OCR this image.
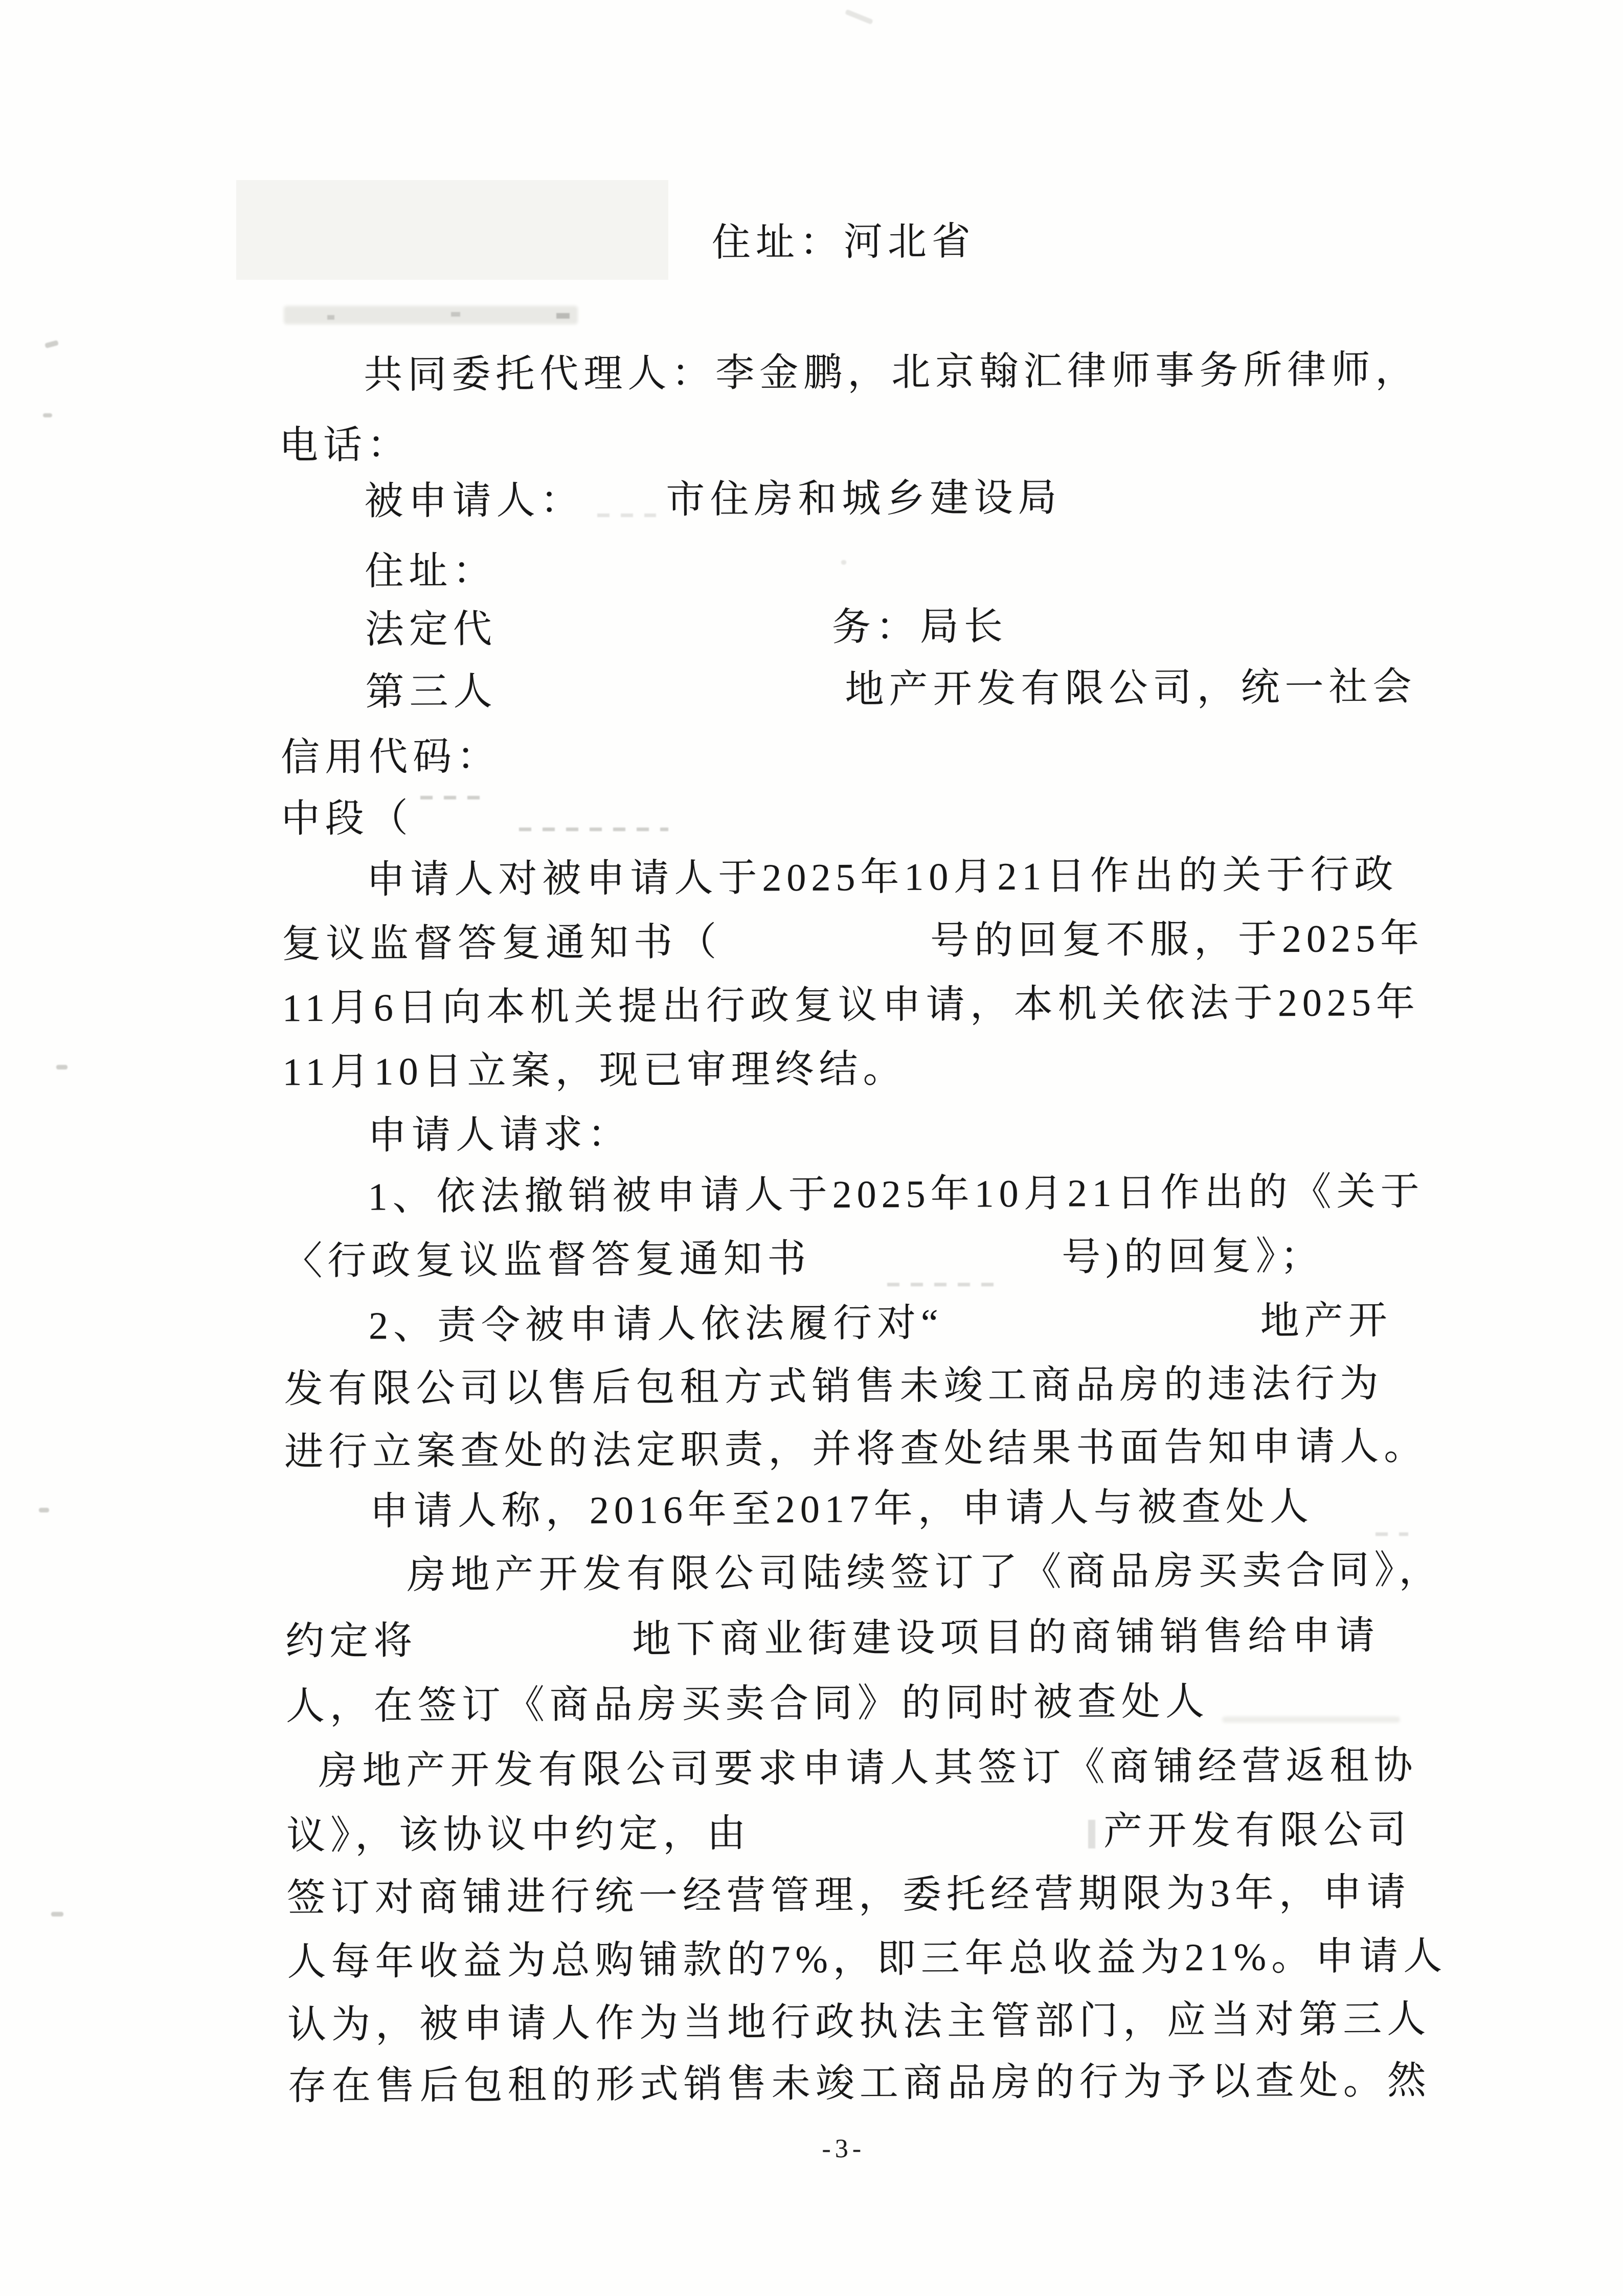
住址：河北省
共同委托代理人：李金鹏，北京翰汇律师事务所律师，
电话：
被申请人： 市住房和城乡建设局
住址：
法定代	务：局长
第三人	地产开发有限公司，统一社会
信用代码：
中段（
申请人对被申请人于2025年10月21日作出的关于行政
复议监督答复通知书（	号的回复不服，于2025年
11月6日向本机关提出行政复议申请，本机关依法于2025年
11月10日立案，现已审理终结。
申请人请求：
1、依法撤销被申请人于2025年10月21日作出的《关于
〈行政复议监督答复通知书	号)的回复》；
2、责令被申请人依法履行对“	地产开
发有限公司以售后包租方式销售未竣工商品房的违法行为
进行立案查处的法定职责，并将查处结果书面告知申请人。
申请人称，2016年至2017年，申请人与被查处人
房地产开发有限公司陆续签订了《商品房买卖合同》，
约定将	地下商业街建设项目的商铺销售给申请
人，在签订《商品房买卖合同》的同时被查处人
房地产开发有限公司要求申请人其签订《商铺经营返租协
议》，该协议中约定，由	产开发有限公司
签订对商铺进行统一经营管理，委托经营期限为3年，申请
人每年收益为总购铺款的7%，即三年总收益为21%。申请人
认为，被申请人作为当地行政执法主管部门，应当对第三人
存在售后包租的形式销售未竣工商品房的行为予以查处。然
-3-
